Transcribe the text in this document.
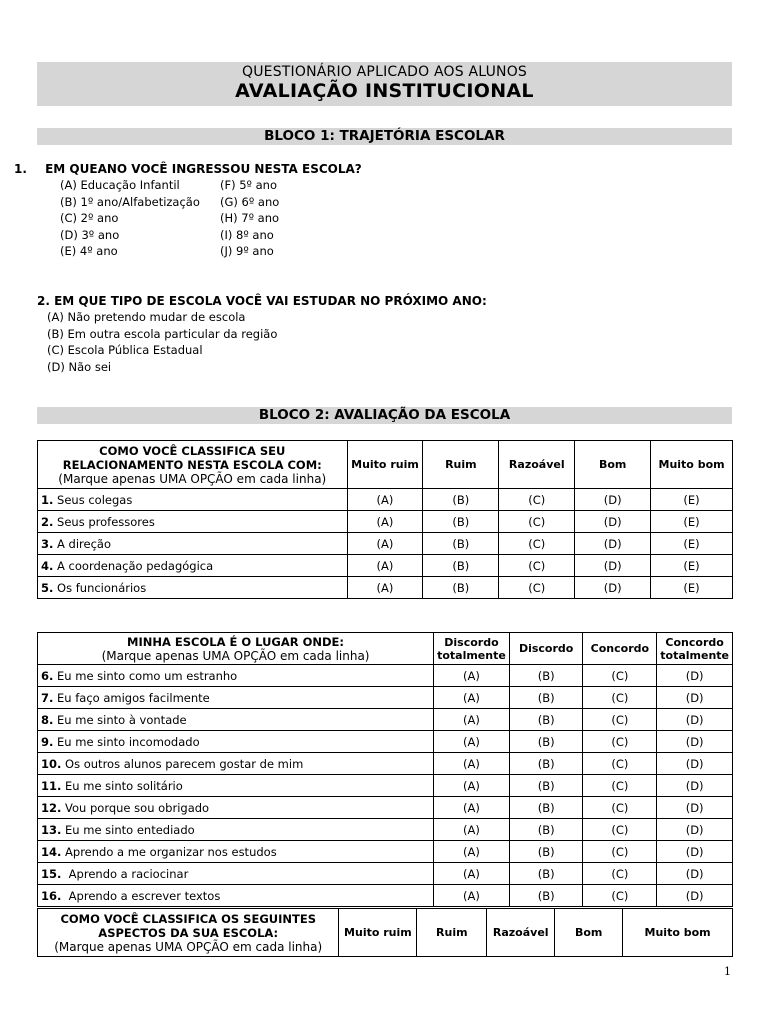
QUESTIONÁRIO APLICADO AOS ALUNOS
AVALIAÇÃO INSTITUCIONAL
BLOCO 1: TRAJETÓRIA ESCOLAR
1. EM QUEANO VOCÊ INGRESSOU NESTA ESCOLA?
(A) Educação Infantil
(B) 1º ano/Alfabetização
(C) 2º ano
(D) 3º ano
(E) 4º ano
(F) 5º ano
(G) 6º ano
(H) 7º ano
(I) 8º ano
(J) 9º ano
2. EM QUE TIPO DE ESCOLA VOCÊ VAI ESTUDAR NO PRÓXIMO ANO:
(A) Não pretendo mudar de escola
(B) Em outra escola particular da região
(C) Escola Pública Estadual
(D) Não sei
BLOCO 2: AVALIAÇÃO DA ESCOLA
COMO VOCÊ CLASSIFICA SEU
RELACIONAMENTO NESTA ESCOLA COM:
(Marque apenas UMA OPÇÃO em cada linha)	Muito ruim	Ruim	Razoável	Bom	Muito bom
1. Seus colegas	(A)	(B)	(C)	(D)	(E)
2. Seus professores	(A)	(B)	(C)	(D)	(E)
3. A direção	(A)	(B)	(C)	(D)	(E)
4. A coordenação pedagógica	(A)	(B)	(C)	(D)	(E)
5. Os funcionários	(A)	(B)	(C)	(D)	(E)
MINHA ESCOLA É O LUGAR ONDE:
(Marque apenas UMA OPÇÃO em cada linha)	Discordo totalmente	Discordo	Concordo	Concordo totalmente
6. Eu me sinto como um estranho	(A)	(B)	(C)	(D)
7. Eu faço amigos facilmente	(A)	(B)	(C)	(D)
8. Eu me sinto à vontade	(A)	(B)	(C)	(D)
9. Eu me sinto incomodado	(A)	(B)	(C)	(D)
10. Os outros alunos parecem gostar de mim	(A)	(B)	(C)	(D)
11. Eu me sinto solitário	(A)	(B)	(C)	(D)
12. Vou porque sou obrigado	(A)	(B)	(C)	(D)
13. Eu me sinto entediado	(A)	(B)	(C)	(D)
14. Aprendo a me organizar nos estudos	(A)	(B)	(C)	(D)
15.  Aprendo a raciocinar	(A)	(B)	(C)	(D)
16.  Aprendo a escrever textos	(A)	(B)	(C)	(D)
COMO VOCÊ CLASSIFICA OS SEGUINTES
ASPECTOS DA SUA ESCOLA:
(Marque apenas UMA OPÇÃO em cada linha)
	Muito ruim	Ruim	Razoável	Bom	Muito bom
1
